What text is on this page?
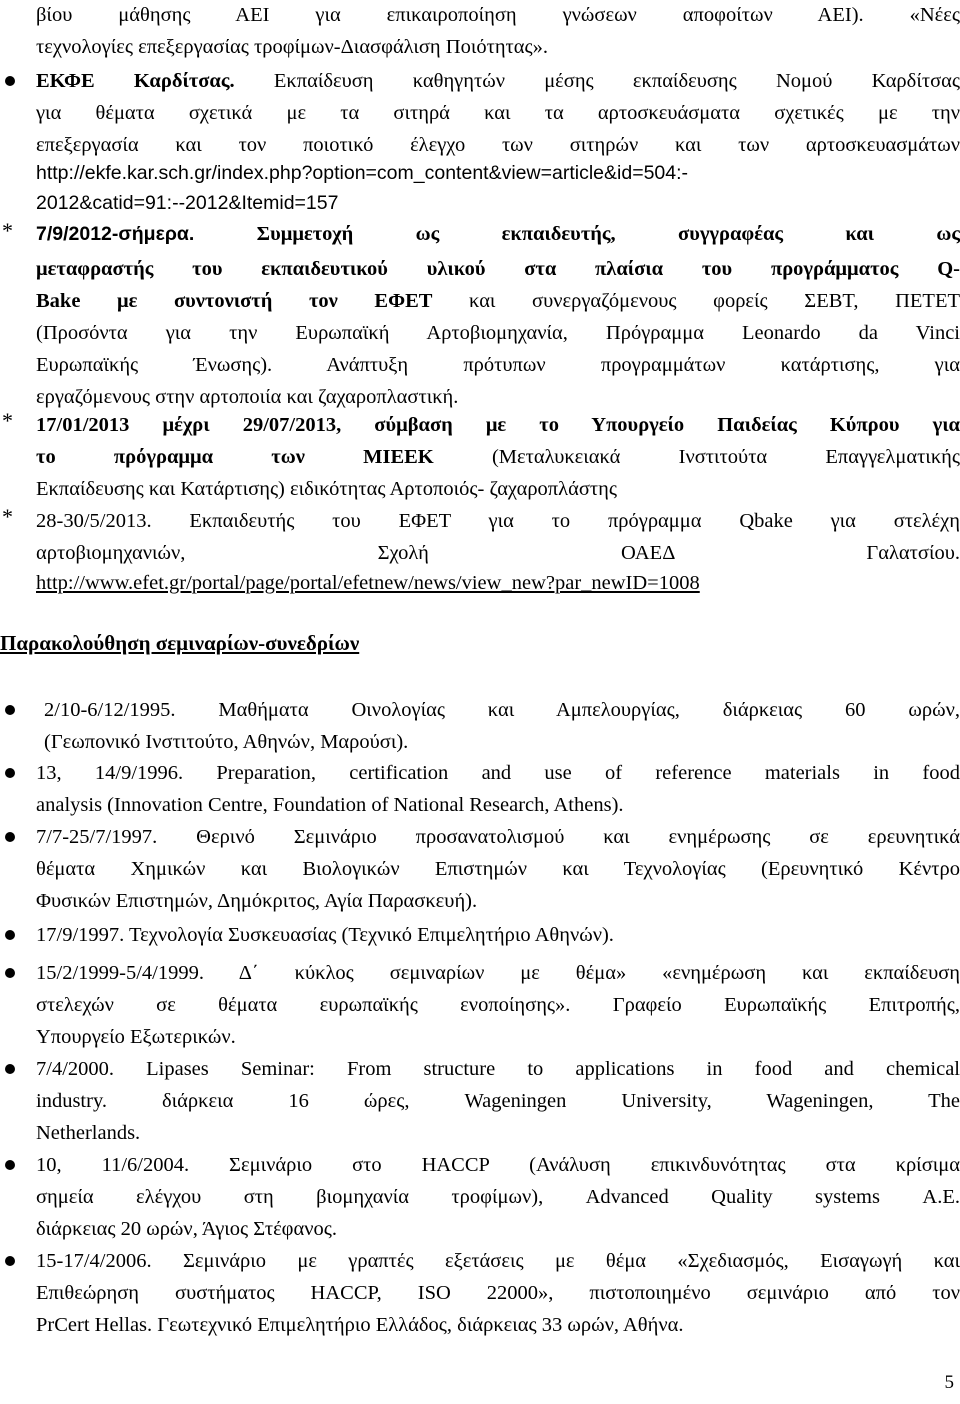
βίου μάθησης ΑΕΙ για επικαιροποίηση γνώσεων αποφοίτων ΑΕΙ). «Νέες
τεχνολογίες επεξεργασίας τροφίμων-Διασφάλιση Ποιότητας».
ΕΚΦΕ Καρδίτσας. Εκπαίδευση καθηγητών μέσης εκπαίδευσης Νομού Καρδίτσας
για θέματα σχετικά με τα σιτηρά και τα αρτοσκευάσματα σχετικές με την
επεξεργασία και τον ποιοτικό έλεγχο των σιτηρών και των αρτοσκευασμάτων
http://ekfe.kar.sch.gr/index.php?option=com_content&view=article&id=504:-
2012&catid=91:--2012&Itemid=157
* 7/9/2012-σήμερα. Συμμετοχή ως εκπαιδευτής, συγγραφέας και ως
μεταφραστής του εκπαιδευτικού υλικού στα πλαίσια του προγράμματος Q-
Bake με συντονιστή τον ΕΦΕΤ και συνεργαζόμενους φορείς ΣΕΒΤ, ΠΕΤΕΤ
(Προσόντα για την Ευρωπαϊκή Αρτοβιομηχανία, Πρόγραμμα Leonardo da Vinci
Ευρωπαϊκής Ένωσης). Ανάπτυξη πρότυπων προγραμμάτων κατάρτισης, για
εργαζόμενους στην αρτοποιία και ζαχαροπλαστική.
* 17/01/2013 μέχρι 29/07/2013, σύμβαση με το Υπουργείο Παιδείας Κύπρου για
το πρόγραμμα των ΜΙΕΕΚ (Μεταλυκειακά Ινστιτούτα Επαγγελματικής
Εκπαίδευσης και Κατάρτισης) ειδικότητας Αρτοποιός- ζαχαροπλάστης
* 28-30/5/2013. Εκπαιδευτής του ΕΦΕΤ για το πρόγραμμα Qbake για στελέχη
αρτοβιομηχανιών, Σχολή ΟΑΕΔ Γαλατσίου.
http://www.efet.gr/portal/page/portal/efetnew/news/view_new?par_newID=1008
Παρακολούθηση σεμιναρίων-συνεδρίων
2/10-6/12/1995. Μαθήματα Οινολογίας και Αμπελουργίας, διάρκειας 60 ωρών,
(Γεωπονικό Ινστιτούτο, Αθηνών, Μαρούσι).
13, 14/9/1996. Preparation, certification and use of reference materials in food
analysis (Innovation Centre, Foundation of National Research, Athens).
7/7-25/7/1997. Θερινό Σεμινάριο προσανατολισμού και ενημέρωσης σε ερευνητικά
θέματα Χημικών και Βιολογικών Επιστημών και Τεχνολογίας (Ερευνητικό Κέντρο
Φυσικών Επιστημών, Δημόκριτος, Αγία Παρασκευή).
17/9/1997. Τεχνολογία Συσκευασίας (Τεχνικό Επιμελητήριο Αθηνών).
15/2/1999-5/4/1999. Δ΄ κύκλος σεμιναρίων με θέμα» «ενημέρωση και εκπαίδευση
στελεχών σε θέματα ευρωπαϊκής ενοποίησης». Γραφείο Ευρωπαϊκής Επιτροπής,
Υπουργείο Εξωτερικών.
7/4/2000. Lipases Seminar: From structure to applications in food and chemical
industry. διάρκεια 16 ώρες, Wageningen University, Wageningen, The
Netherlands.
10, 11/6/2004. Σεμινάριο στο HACCP (Ανάλυση επικινδυνότητας στα κρίσιμα
σημεία ελέγχου στη βιομηχανία τροφίμων), Advanced Quality systems Α.Ε.
διάρκειας 20 ωρών, Άγιος Στέφανος.
15-17/4/2006. Σεμινάριο με γραπτές εξετάσεις με θέμα «Σχεδιασμός, Εισαγωγή και
Επιθεώρηση συστήματος HACCP, ISO 22000», πιστοποιημένο σεμινάριο από τον
PrCert Hellas. Γεωτεχνικό Επιμελητήριο Ελλάδος, διάρκειας 33 ωρών, Αθήνα.
5
